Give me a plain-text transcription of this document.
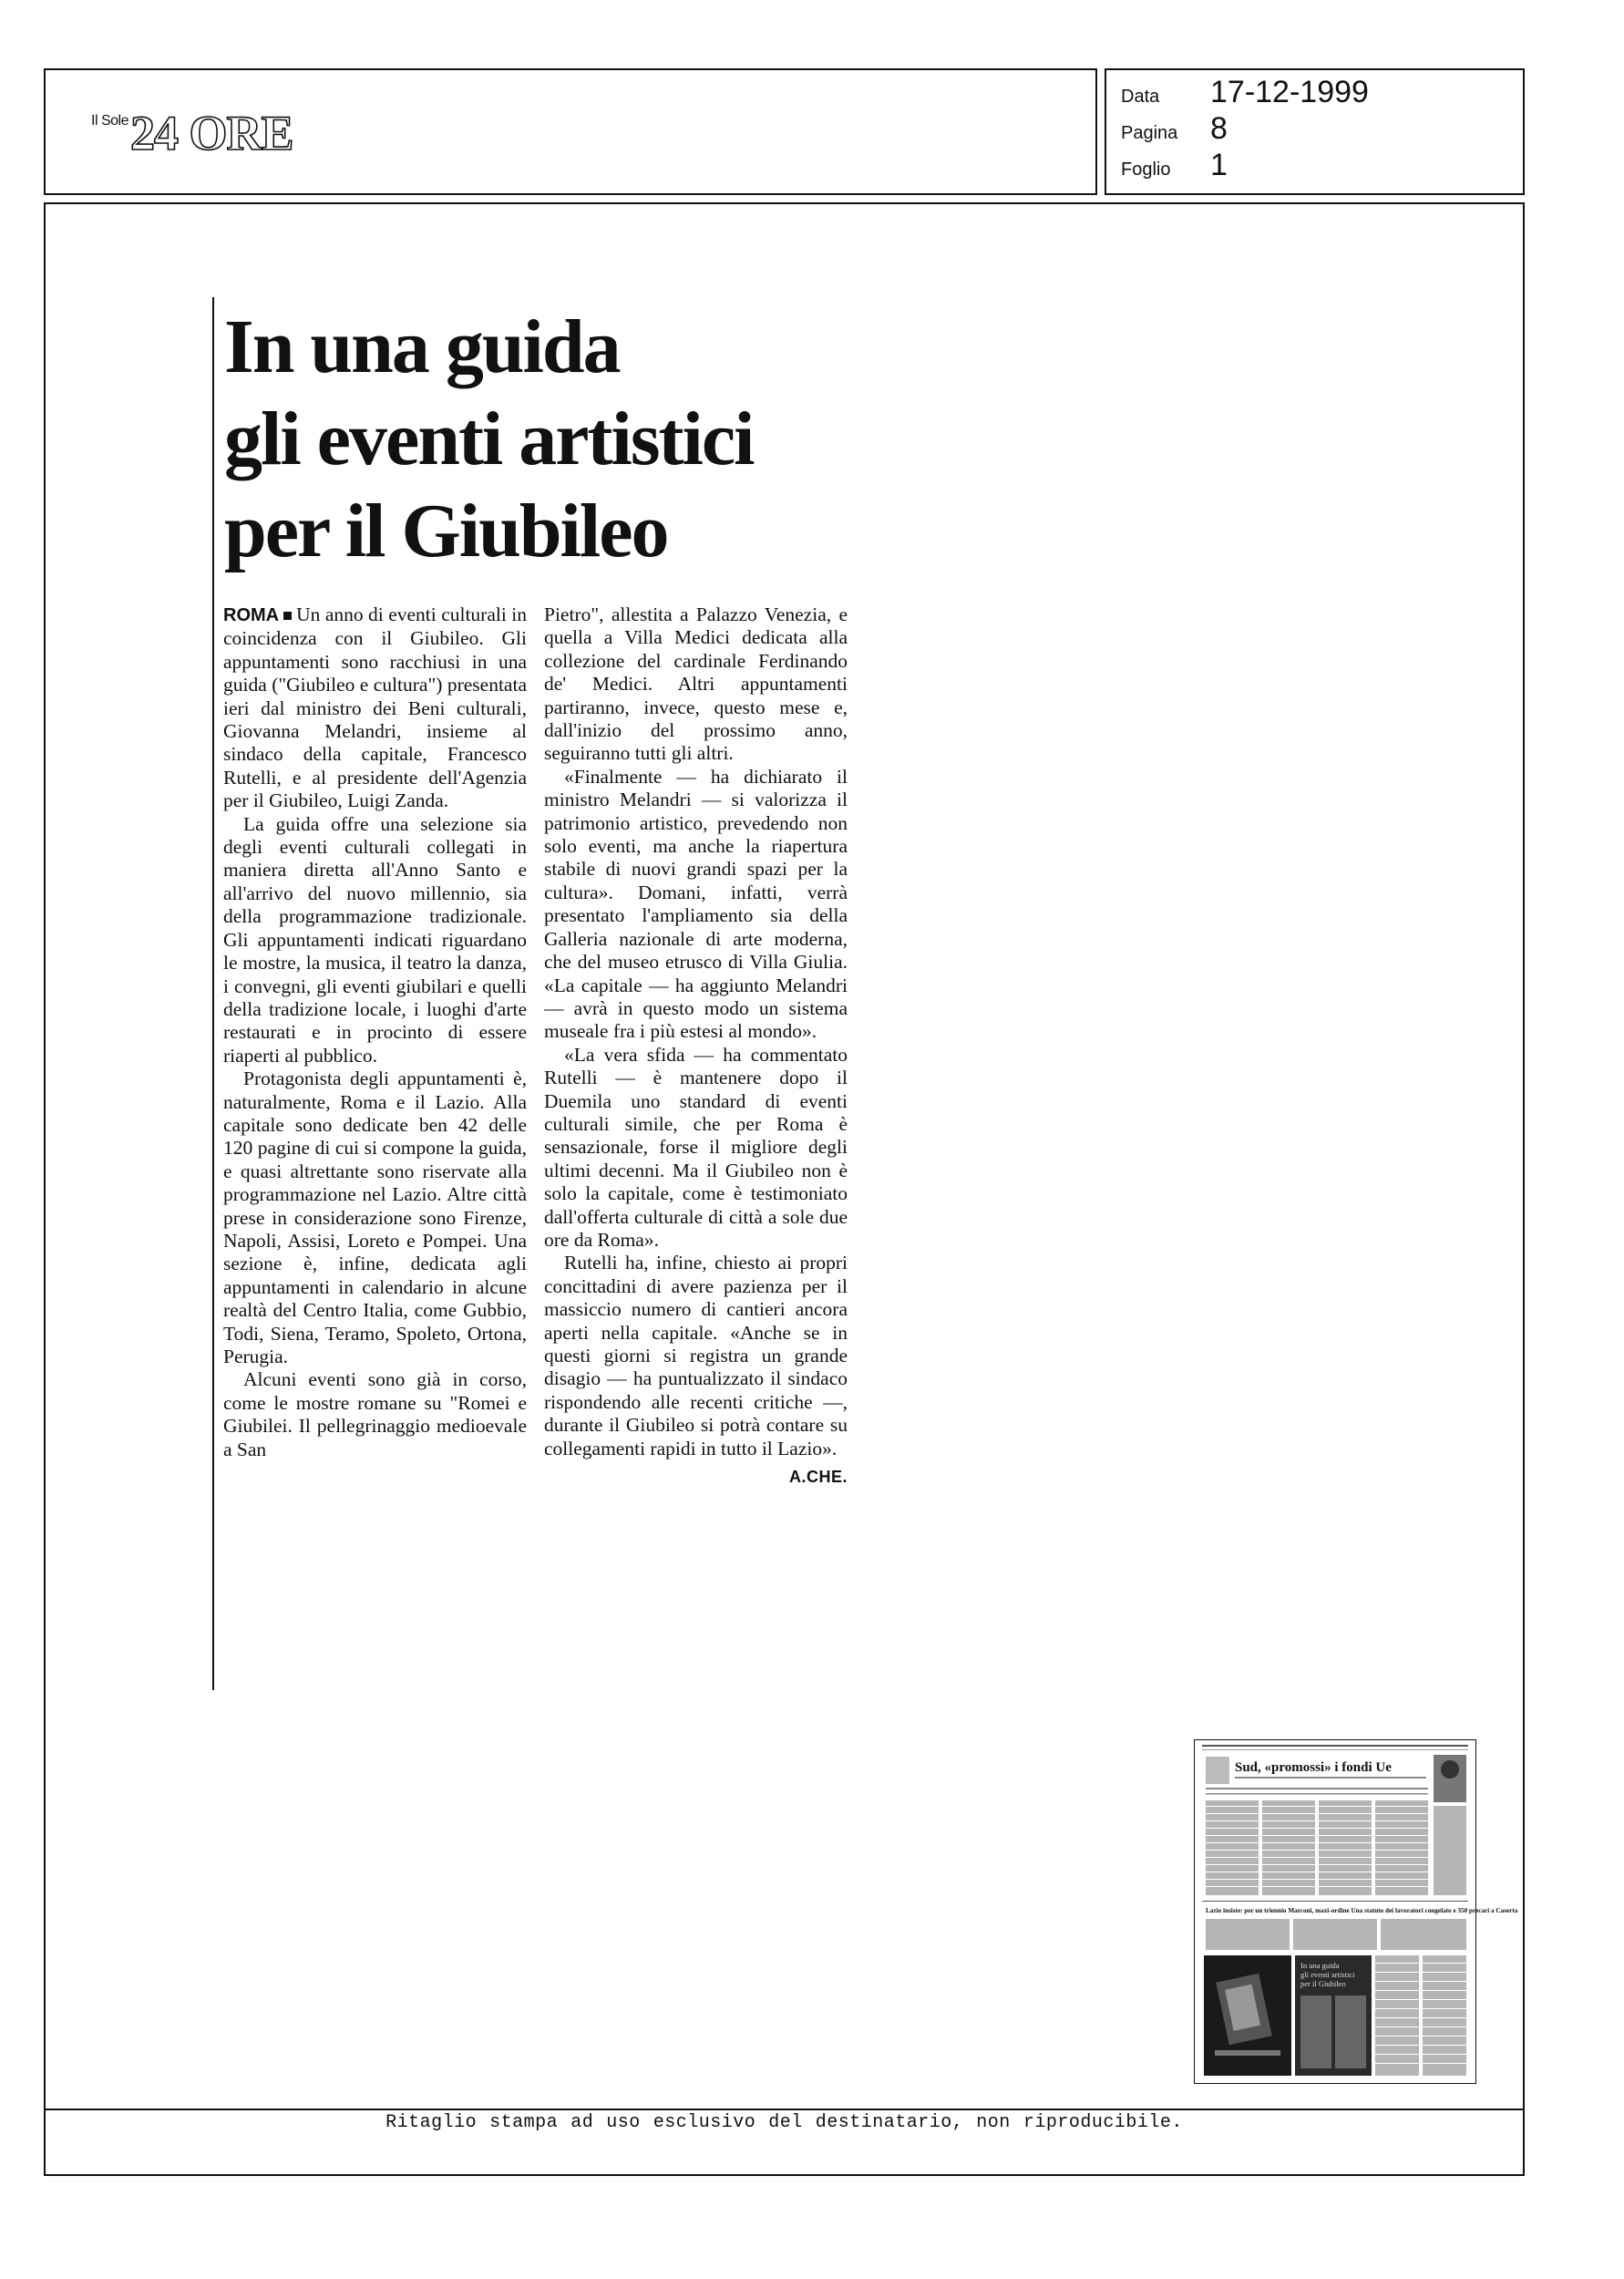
Il Sole 24 ORE
Data	17-12-1999
Pagina	8
Foglio	1
In una guida
gli eventi artistici
per il Giubileo

ROMA Un anno di eventi culturali in coincidenza con il Giubileo. Gli appuntamenti sono racchiusi in una guida ("Giubileo e cultura") presentata ieri dal ministro dei Beni culturali, Giovanna Melandri, insieme al sindaco della capitale, Francesco Rutelli, e al presidente dell'Agenzia per il Giubileo, Luigi Zanda.

La guida offre una selezione sia degli eventi culturali collegati in maniera diretta all'Anno Santo e all'arrivo del nuovo millennio, sia della programmazione tradizionale. Gli appuntamenti indicati riguardano le mostre, la musica, il teatro la danza, i convegni, gli eventi giubilari e quelli della tradizione locale, i luoghi d'arte restaurati e in procinto di essere riaperti al pubblico.

Protagonista degli appuntamenti è, naturalmente, Roma e il Lazio. Alla capitale sono dedicate ben 42 delle 120 pagine di cui si compone la guida, e quasi altrettante sono riservate alla programmazione nel Lazio. Altre città prese in considerazione sono Firenze, Napoli, Assisi, Loreto e Pompei. Una sezione è, infine, dedicata agli appuntamenti in calendario in alcune realtà del Centro Italia, come Gubbio, Todi, Siena, Teramo, Spoleto, Ortona, Perugia.

Alcuni eventi sono già in corso, come le mostre romane su "Romei e Giubilei. Il pellegrinaggio medioevale a San

Pietro", allestita a Palazzo Venezia, e quella a Villa Medici dedicata alla collezione del cardinale Ferdinando de' Medici. Altri appuntamenti partiranno, invece, questo mese e, dall'inizio del prossimo anno, seguiranno tutti gli altri.

«Finalmente — ha dichiarato il ministro Melandri — si valorizza il patrimonio artistico, prevedendo non solo eventi, ma anche la riapertura stabile di nuovi grandi spazi per la cultura». Domani, infatti, verrà presentato l'ampliamento sia della Galleria nazionale di arte moderna, che del museo etrusco di Villa Giulia. «La capitale — ha aggiunto Melandri — avrà in questo modo un sistema museale fra i più estesi al mondo».

«La vera sfida — ha commentato Rutelli — è mantenere dopo il Duemila uno standard di eventi culturali simile, che per Roma è sensazionale, forse il migliore degli ultimi decenni. Ma il Giubileo non è solo la capitale, come è testimoniato dall'offerta culturale di città a sole due ore da Roma».

Rutelli ha, infine, chiesto ai propri concittadini di avere pazienza per il massiccio numero di cantieri ancora aperti nella capitale. «Anche se in questi giorni si registra un grande disagio — ha puntualizzato il sindaco rispondendo alle recenti critiche —, durante il Giubileo si potrà contare su collegamenti rapidi in tutto il Lazio».

A.CHE.
Sud, «promossi» i fondi Ue
Lazio insiste: per un triennio Marconi, maxi-ordine Una statuto dei lavoratori congelato e 350 precari a Caserta
In una guida
gli eventi artistici
per il Giubileo
Ritaglio stampa ad uso esclusivo del destinatario, non riproducibile.
